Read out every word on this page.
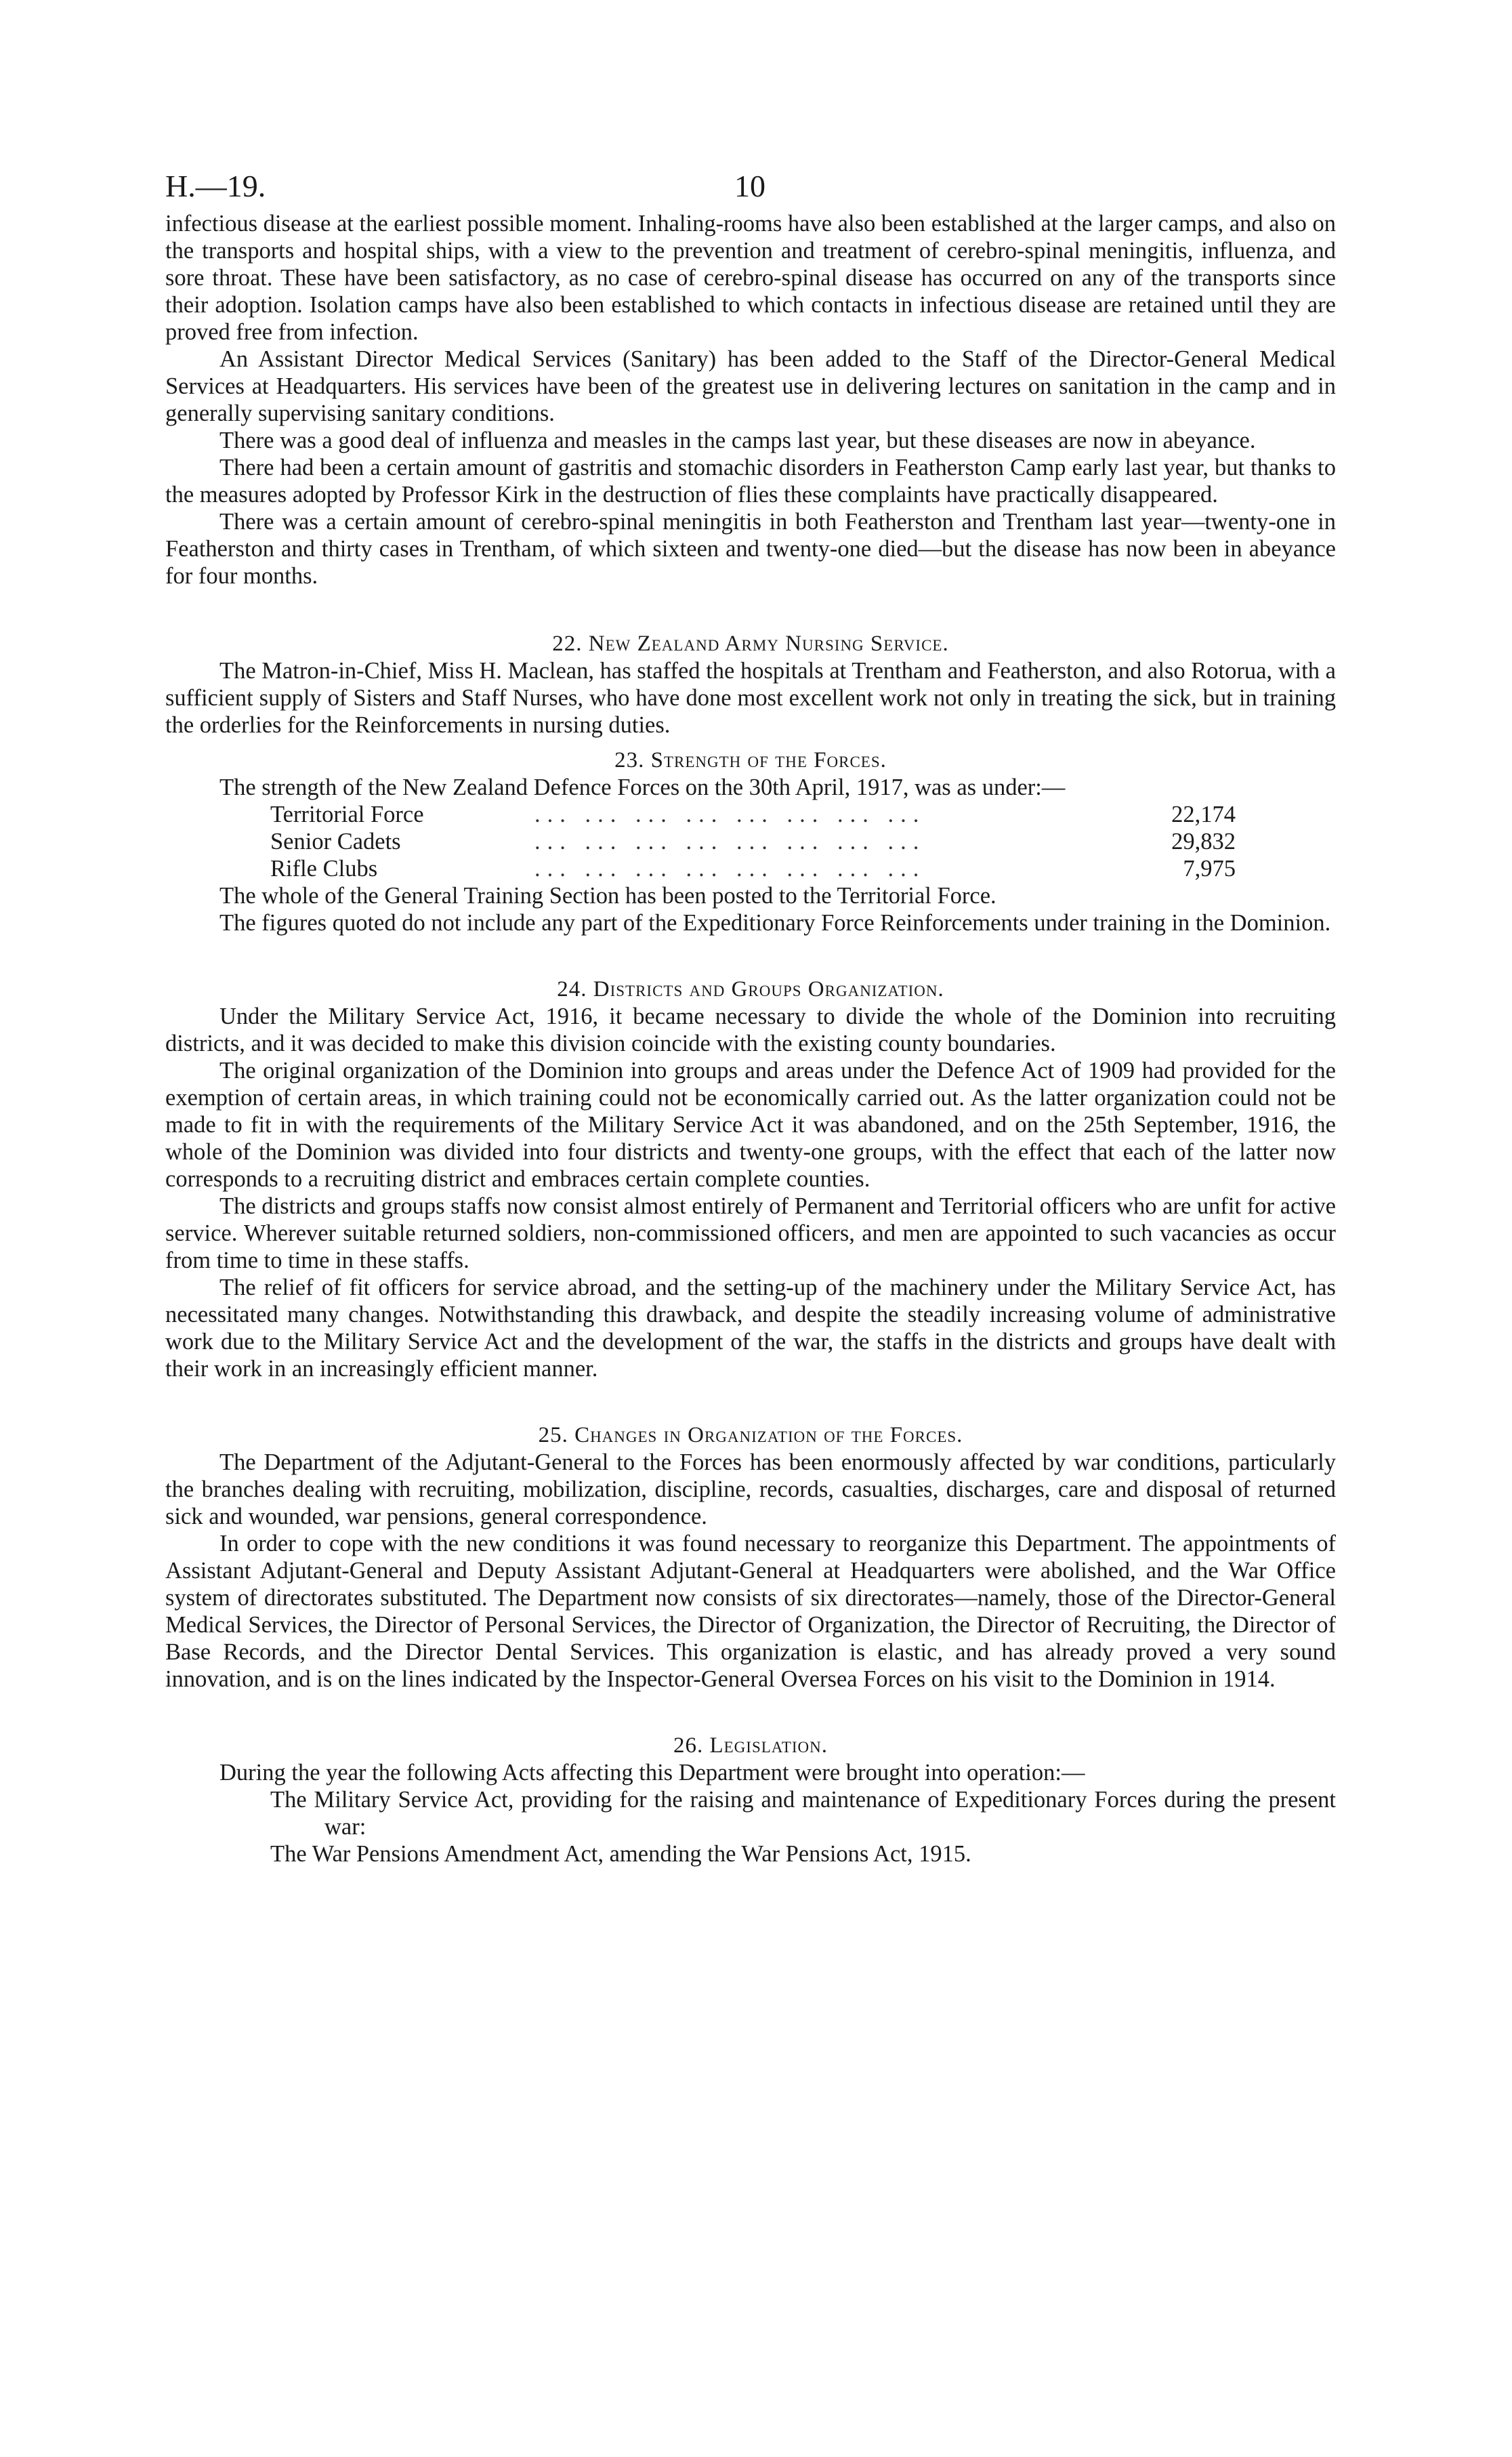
H.—19.	10

infectious disease at the earliest possible moment. Inhaling-rooms have also been established at the larger camps, and also on the transports and hospital ships, with a view to the prevention and treatment of cerebro-spinal meningitis, influenza, and sore throat. These have been satisfactory, as no case of cerebro-spinal disease has occurred on any of the transports since their adoption. Isolation camps have also been established to which contacts in infectious disease are retained until they are proved free from infection.

An Assistant Director Medical Services (Sanitary) has been added to the Staff of the Director-General Medical Services at Headquarters. His services have been of the greatest use in delivering lectures on sanitation in the camp and in generally supervising sanitary conditions.

There was a good deal of influenza and measles in the camps last year, but these diseases are now in abeyance.

There had been a certain amount of gastritis and stomachic disorders in Featherston Camp early last year, but thanks to the measures adopted by Professor Kirk in the destruction of flies these complaints have practically disappeared.

There was a certain amount of cerebro-spinal meningitis in both Featherston and Trentham last year—twenty-one in Featherston and thirty cases in Trentham, of which sixteen and twenty-one died—but the disease has now been in abeyance for four months.

22. New Zealand Army Nursing Service.

The Matron-in-Chief, Miss H. Maclean, has staffed the hospitals at Trentham and Featherston, and also Rotorua, with a sufficient supply of Sisters and Staff Nurses, who have done most excellent work not only in treating the sick, but in training the orderlies for the Reinforcements in nursing duties.

23. Strength of the Forces.

The strength of the New Zealand Defence Forces on the 30th April, 1917, was as under:—

Territorial Force	... ... ... ... ... ... ... ...	22,174
Senior Cadets	... ... ... ... ... ... ... ...	29,832
Rifle Clubs	... ... ... ... ... ... ... ...	7,975

The whole of the General Training Section has been posted to the Territorial Force.

The figures quoted do not include any part of the Expeditionary Force Reinforcements under training in the Dominion.

24. Districts and Groups Organization.

Under the Military Service Act, 1916, it became necessary to divide the whole of the Dominion into recruiting districts, and it was decided to make this division coincide with the existing county boundaries.

The original organization of the Dominion into groups and areas under the Defence Act of 1909 had provided for the exemption of certain areas, in which training could not be economically carried out. As the latter organization could not be made to fit in with the requirements of the Military Service Act it was abandoned, and on the 25th September, 1916, the whole of the Dominion was divided into four districts and twenty-one groups, with the effect that each of the latter now corresponds to a recruiting district and embraces certain complete counties.

The districts and groups staffs now consist almost entirely of Permanent and Territorial officers who are unfit for active service. Wherever suitable returned soldiers, non-commissioned officers, and men are appointed to such vacancies as occur from time to time in these staffs.

The relief of fit officers for service abroad, and the setting-up of the machinery under the Military Service Act, has necessitated many changes. Notwithstanding this drawback, and despite the steadily increasing volume of administrative work due to the Military Service Act and the development of the war, the staffs in the districts and groups have dealt with their work in an increasingly efficient manner.

25. Changes in Organization of the Forces.

The Department of the Adjutant-General to the Forces has been enormously affected by war conditions, particularly the branches dealing with recruiting, mobilization, discipline, records, casualties, discharges, care and disposal of returned sick and wounded, war pensions, general correspondence.

In order to cope with the new conditions it was found necessary to reorganize this Department. The appointments of Assistant Adjutant-General and Deputy Assistant Adjutant-General at Headquarters were abolished, and the War Office system of directorates substituted. The Department now consists of six directorates—namely, those of the Director-General Medical Services, the Director of Personal Services, the Director of Organization, the Director of Recruiting, the Director of Base Records, and the Director Dental Services. This organization is elastic, and has already proved a very sound innovation, and is on the lines indicated by the Inspector-General Oversea Forces on his visit to the Dominion in 1914.

26. Legislation.

During the year the following Acts affecting this Department were brought into operation:—

The Military Service Act, providing for the raising and maintenance of Expeditionary Forces during the present war:
The War Pensions Amendment Act, amending the War Pensions Act, 1915.
